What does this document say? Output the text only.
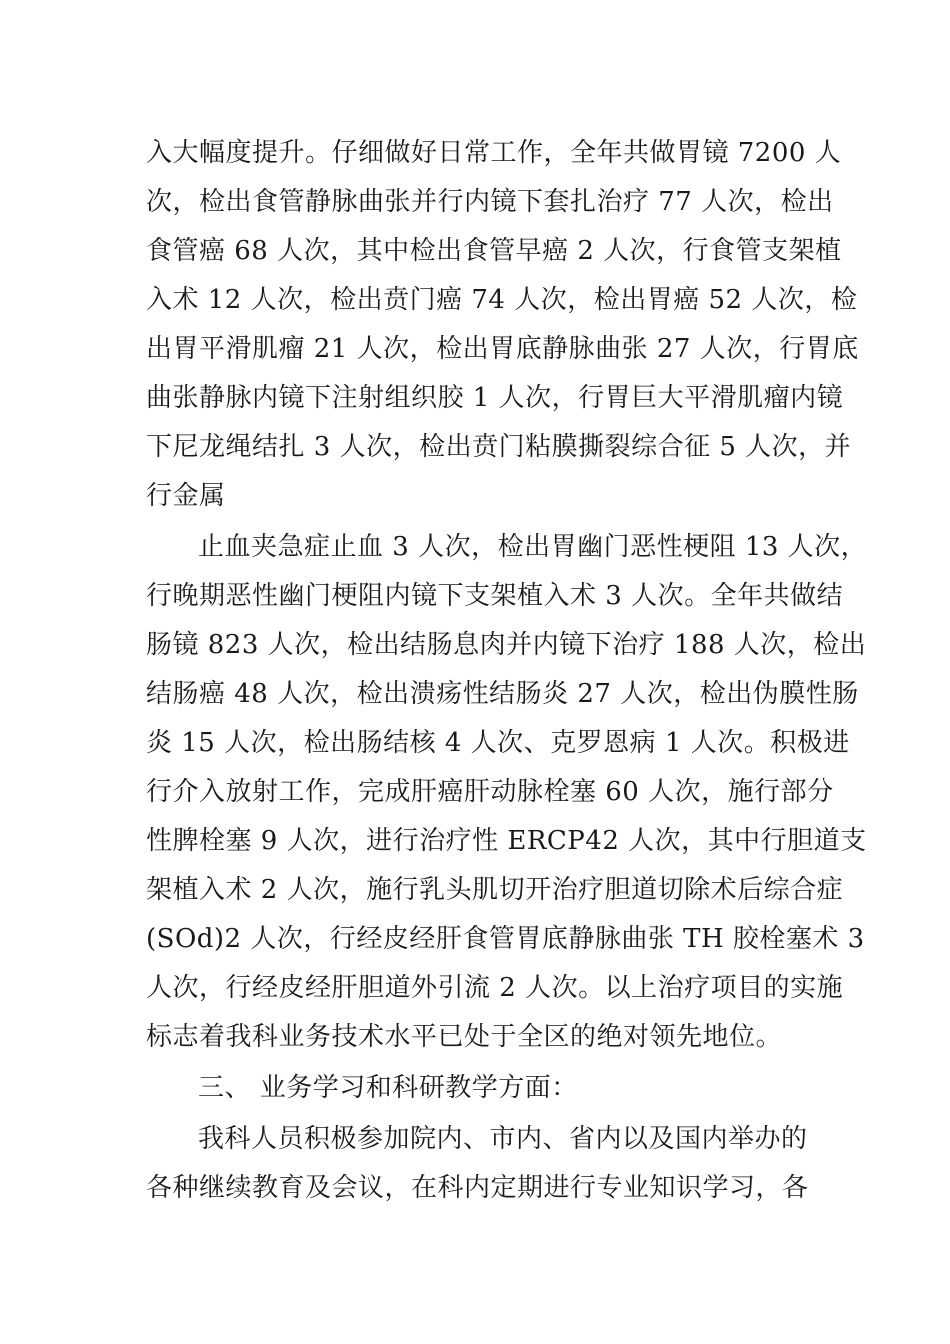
入大幅度提升。仔细做好日常工作，全年共做胃镜 7200 人

次，检出食管静脉曲张并行内镜下套扎治疗 77 人次，检出

食管癌 68 人次，其中检出食管早癌 2 人次，行食管支架植

入术 12 人次，检出贲门癌 74 人次，检出胃癌 52 人次，检

出胃平滑肌瘤 21 人次，检出胃底静脉曲张 27 人次，行胃底

曲张静脉内镜下注射组织胶 1 人次，行胃巨大平滑肌瘤内镜

下尼龙绳结扎 3 人次，检出贲门粘膜撕裂综合征 5 人次，并

行金属

止血夹急症止血 3 人次，检出胃幽门恶性梗阻 13 人次，

行晚期恶性幽门梗阻内镜下支架植入术 3 人次。全年共做结

肠镜 823 人次，检出结肠息肉并内镜下治疗 188 人次，检出

结肠癌 48 人次，检出溃疡性结肠炎 27 人次，检出伪膜性肠

炎 15 人次，检出肠结核 4 人次、克罗恩病 1 人次。积极进

行介入放射工作，完成肝癌肝动脉栓塞 60 人次，施行部分

性脾栓塞 9 人次，进行治疗性 ERCP42 人次，其中行胆道支

架植入术 2 人次，施行乳头肌切开治疗胆道切除术后综合症

(SOd)2 人次，行经皮经肝食管胃底静脉曲张 TH 胶栓塞术 3

人次，行经皮经肝胆道外引流 2 人次。以上治疗项目的实施

标志着我科业务技术水平已处于全区的绝对领先地位。

三、 业务学习和科研教学方面：

我科人员积极参加院内、市内、省内以及国内举办的

各种继续教育及会议，在科内定期进行专业知识学习，各
